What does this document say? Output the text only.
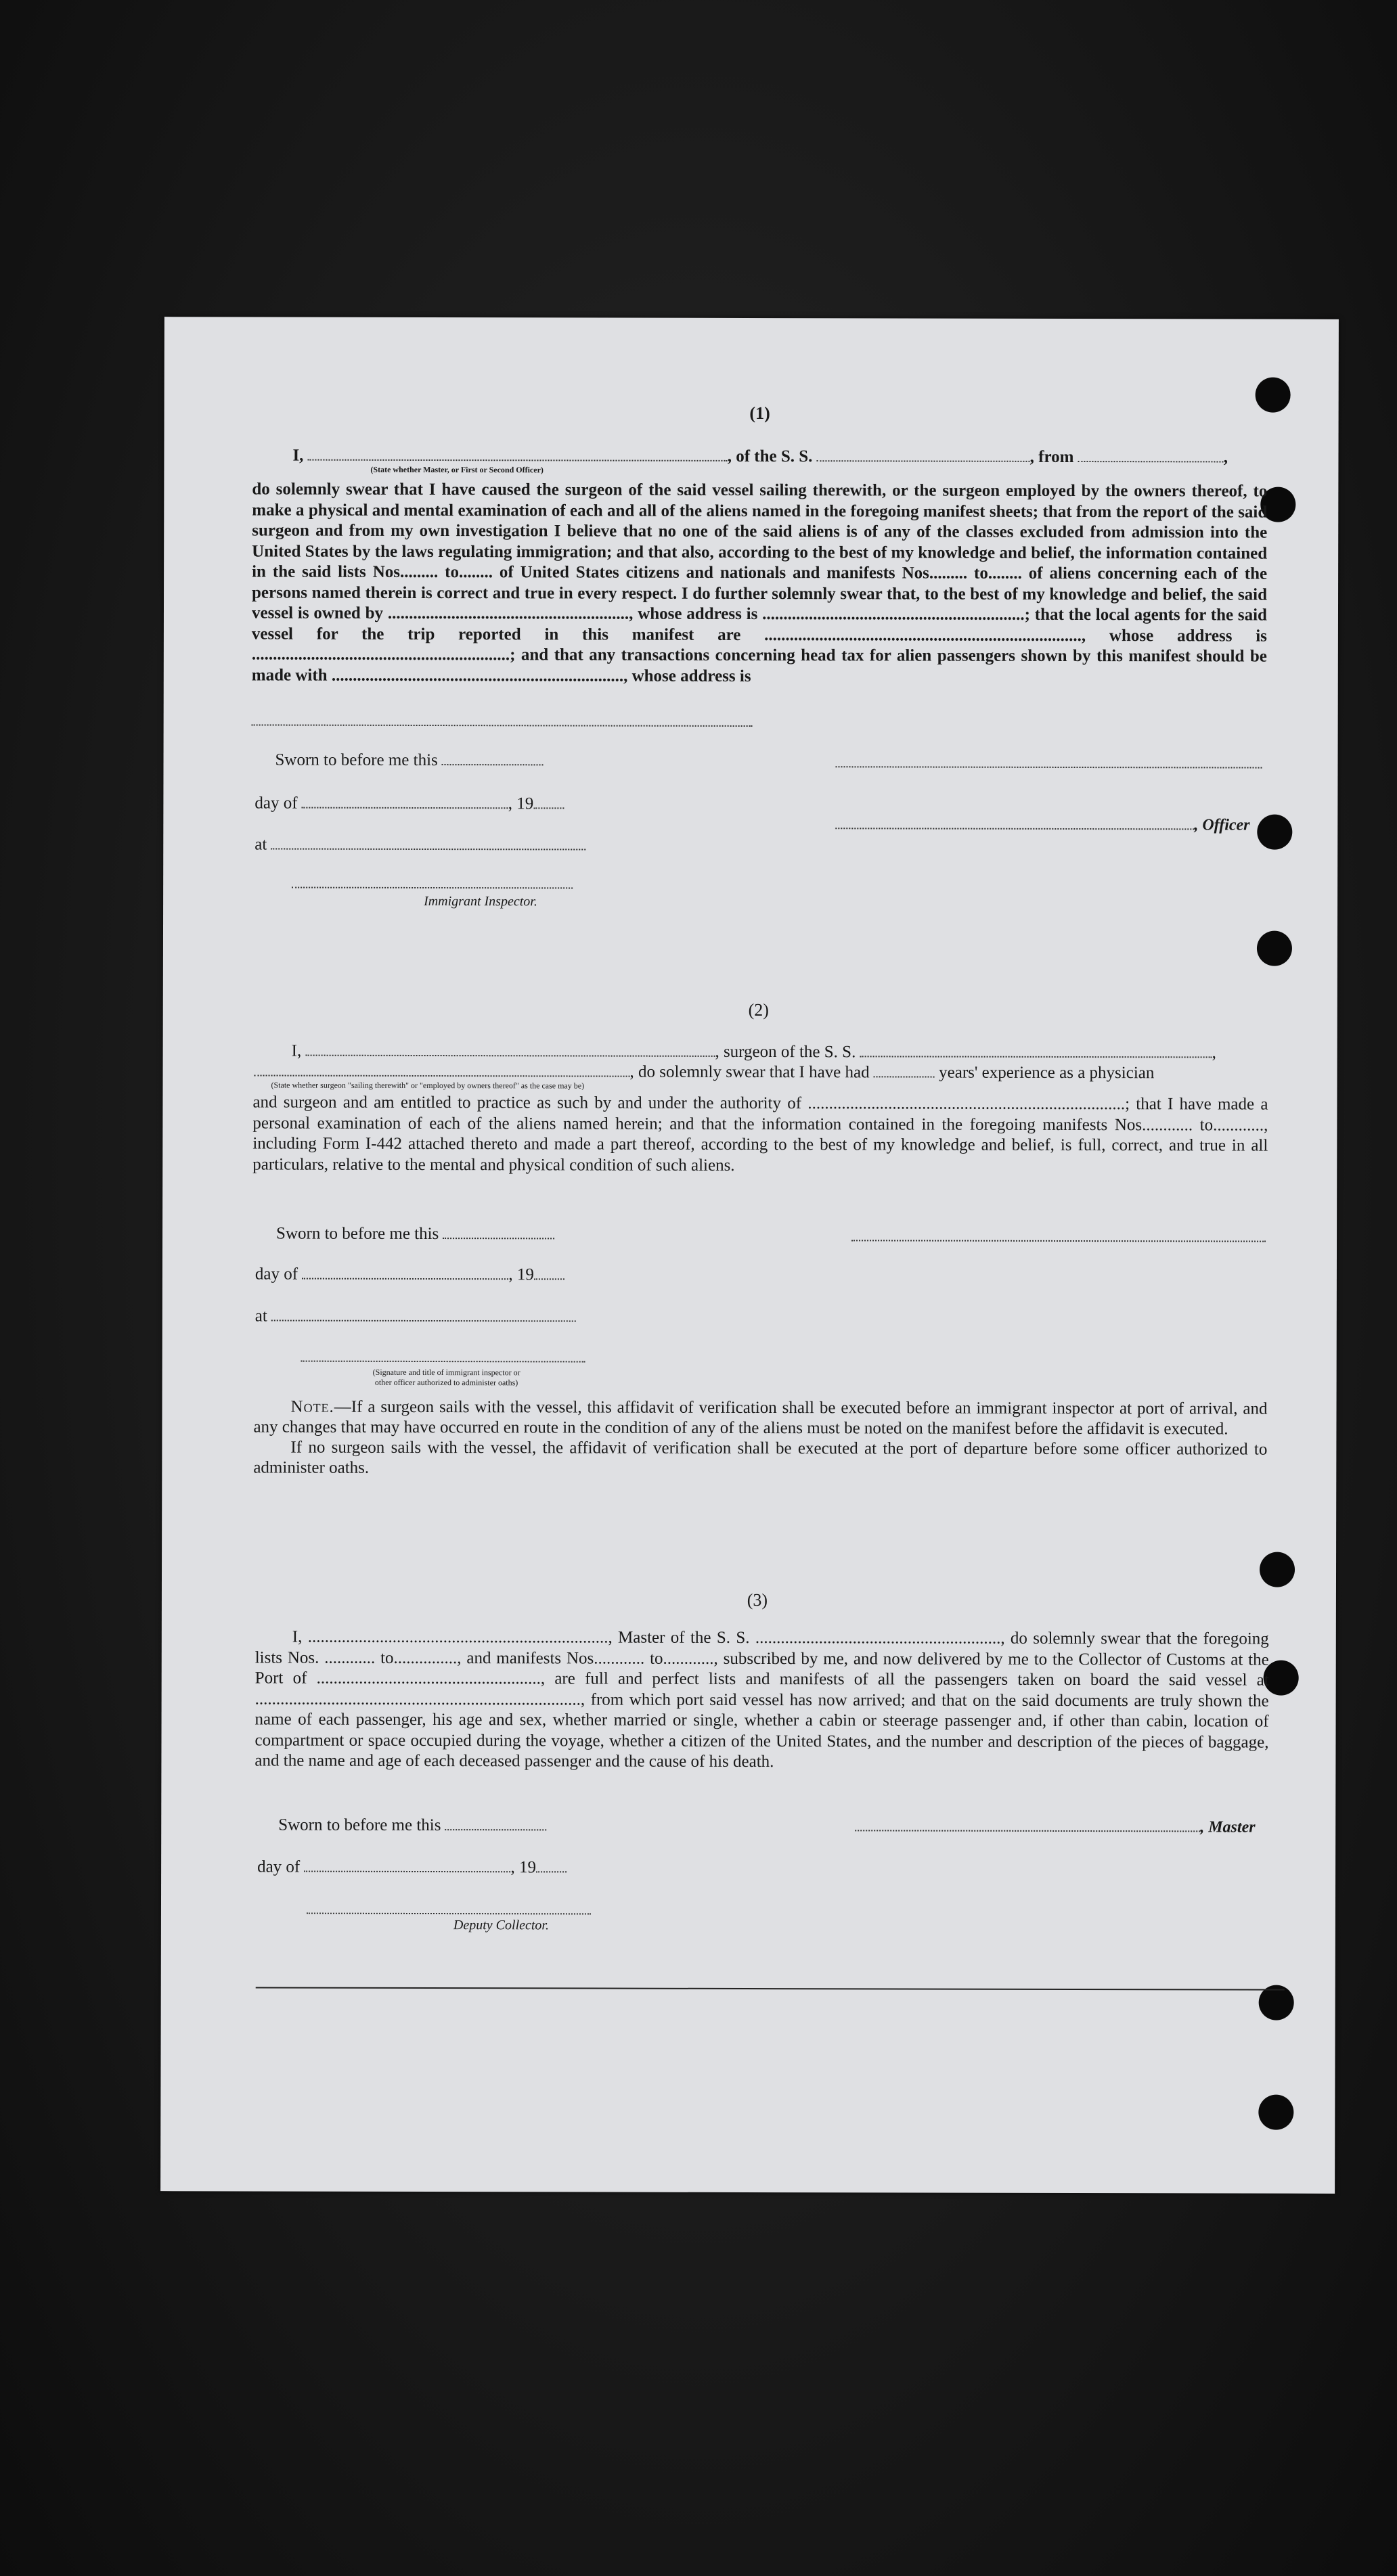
(1)

I,	, of the S. S.	, from	,
(State whether Master, or First or Second Officer)
do solemnly swear that I have caused the surgeon of the said vessel sailing therewith, or the surgeon employed by the owners thereof, to make a physical and mental examination of each and all of the aliens named in the foregoing manifest sheets; that from the report of the said surgeon and from my own investigation I believe that no one of the said aliens is of any of the classes excluded from admission into the United States by the laws regulating immigration; and that also, according to the best of my knowledge and belief, the information contained in the said lists Nos......... to........ of United States citizens and nationals and manifests Nos......... to........ of aliens concerning each of the persons named therein is correct and true in every respect. I do further solemnly swear that, to the best of my knowledge and belief, the said vessel is owned by ........................................................., whose address is ..............................................................; that the local agents for the said vessel for the trip reported in this manifest are ..........................................................................., whose address is .............................................................; and that any transactions concerning head tax for alien passengers shown by this manifest should be made with ....................................................................., whose address is
Sworn to before me this
day of	, 19
, Officer
at
Immigrant Inspector.

(2)

I,	, surgeon of the S. S.	,
, do solemnly swear that I have had	years' experience as a physician
(State whether surgeon "sailing therewith" or "employed by owners thereof" as the case may be)
and surgeon and am entitled to practice as such by and under the authority of ...........................................................................; that I have made a personal examination of each of the aliens named herein; and that the information contained in the foregoing manifests Nos............ to............, including Form I-442 attached thereto and made a part thereof, according to the best of my knowledge and belief, is full, correct, and true in all particulars, relative to the mental and physical condition of such aliens.
Sworn to before me this
day of	, 19
at
(Signature and title of immigrant inspector or
other officer authorized to administer oaths)
Note.—If a surgeon sails with the vessel, this affidavit of verification shall be executed before an immigrant inspector at port of arrival, and any changes that may have occurred en route in the condition of any of the aliens must be noted on the manifest before the affidavit is executed.
If no surgeon sails with the vessel, the affidavit of verification shall be executed at the port of departure before some officer authorized to administer oaths.

(3)

I, ......................................................................., Master of the S. S. .........................................................., do solemnly swear that the foregoing lists Nos. ............ to..............., and manifests Nos............ to............, subscribed by me, and now delivered by me to the Collector of Customs at the Port of ....................................................., are full and perfect lists and manifests of all the passengers taken on board the said vessel at ............................................................................., from which port said vessel has now arrived; and that on the said documents are truly shown the name of each passenger, his age and sex, whether married or single, whether a cabin or steerage passenger and, if other than cabin, location of compartment or space occupied during the voyage, whether a citizen of the United States, and the number and description of the pieces of baggage, and the name and age of each deceased passenger and the cause of his death.
Sworn to before me this	, Master
day of	, 19
Deputy Collector.
